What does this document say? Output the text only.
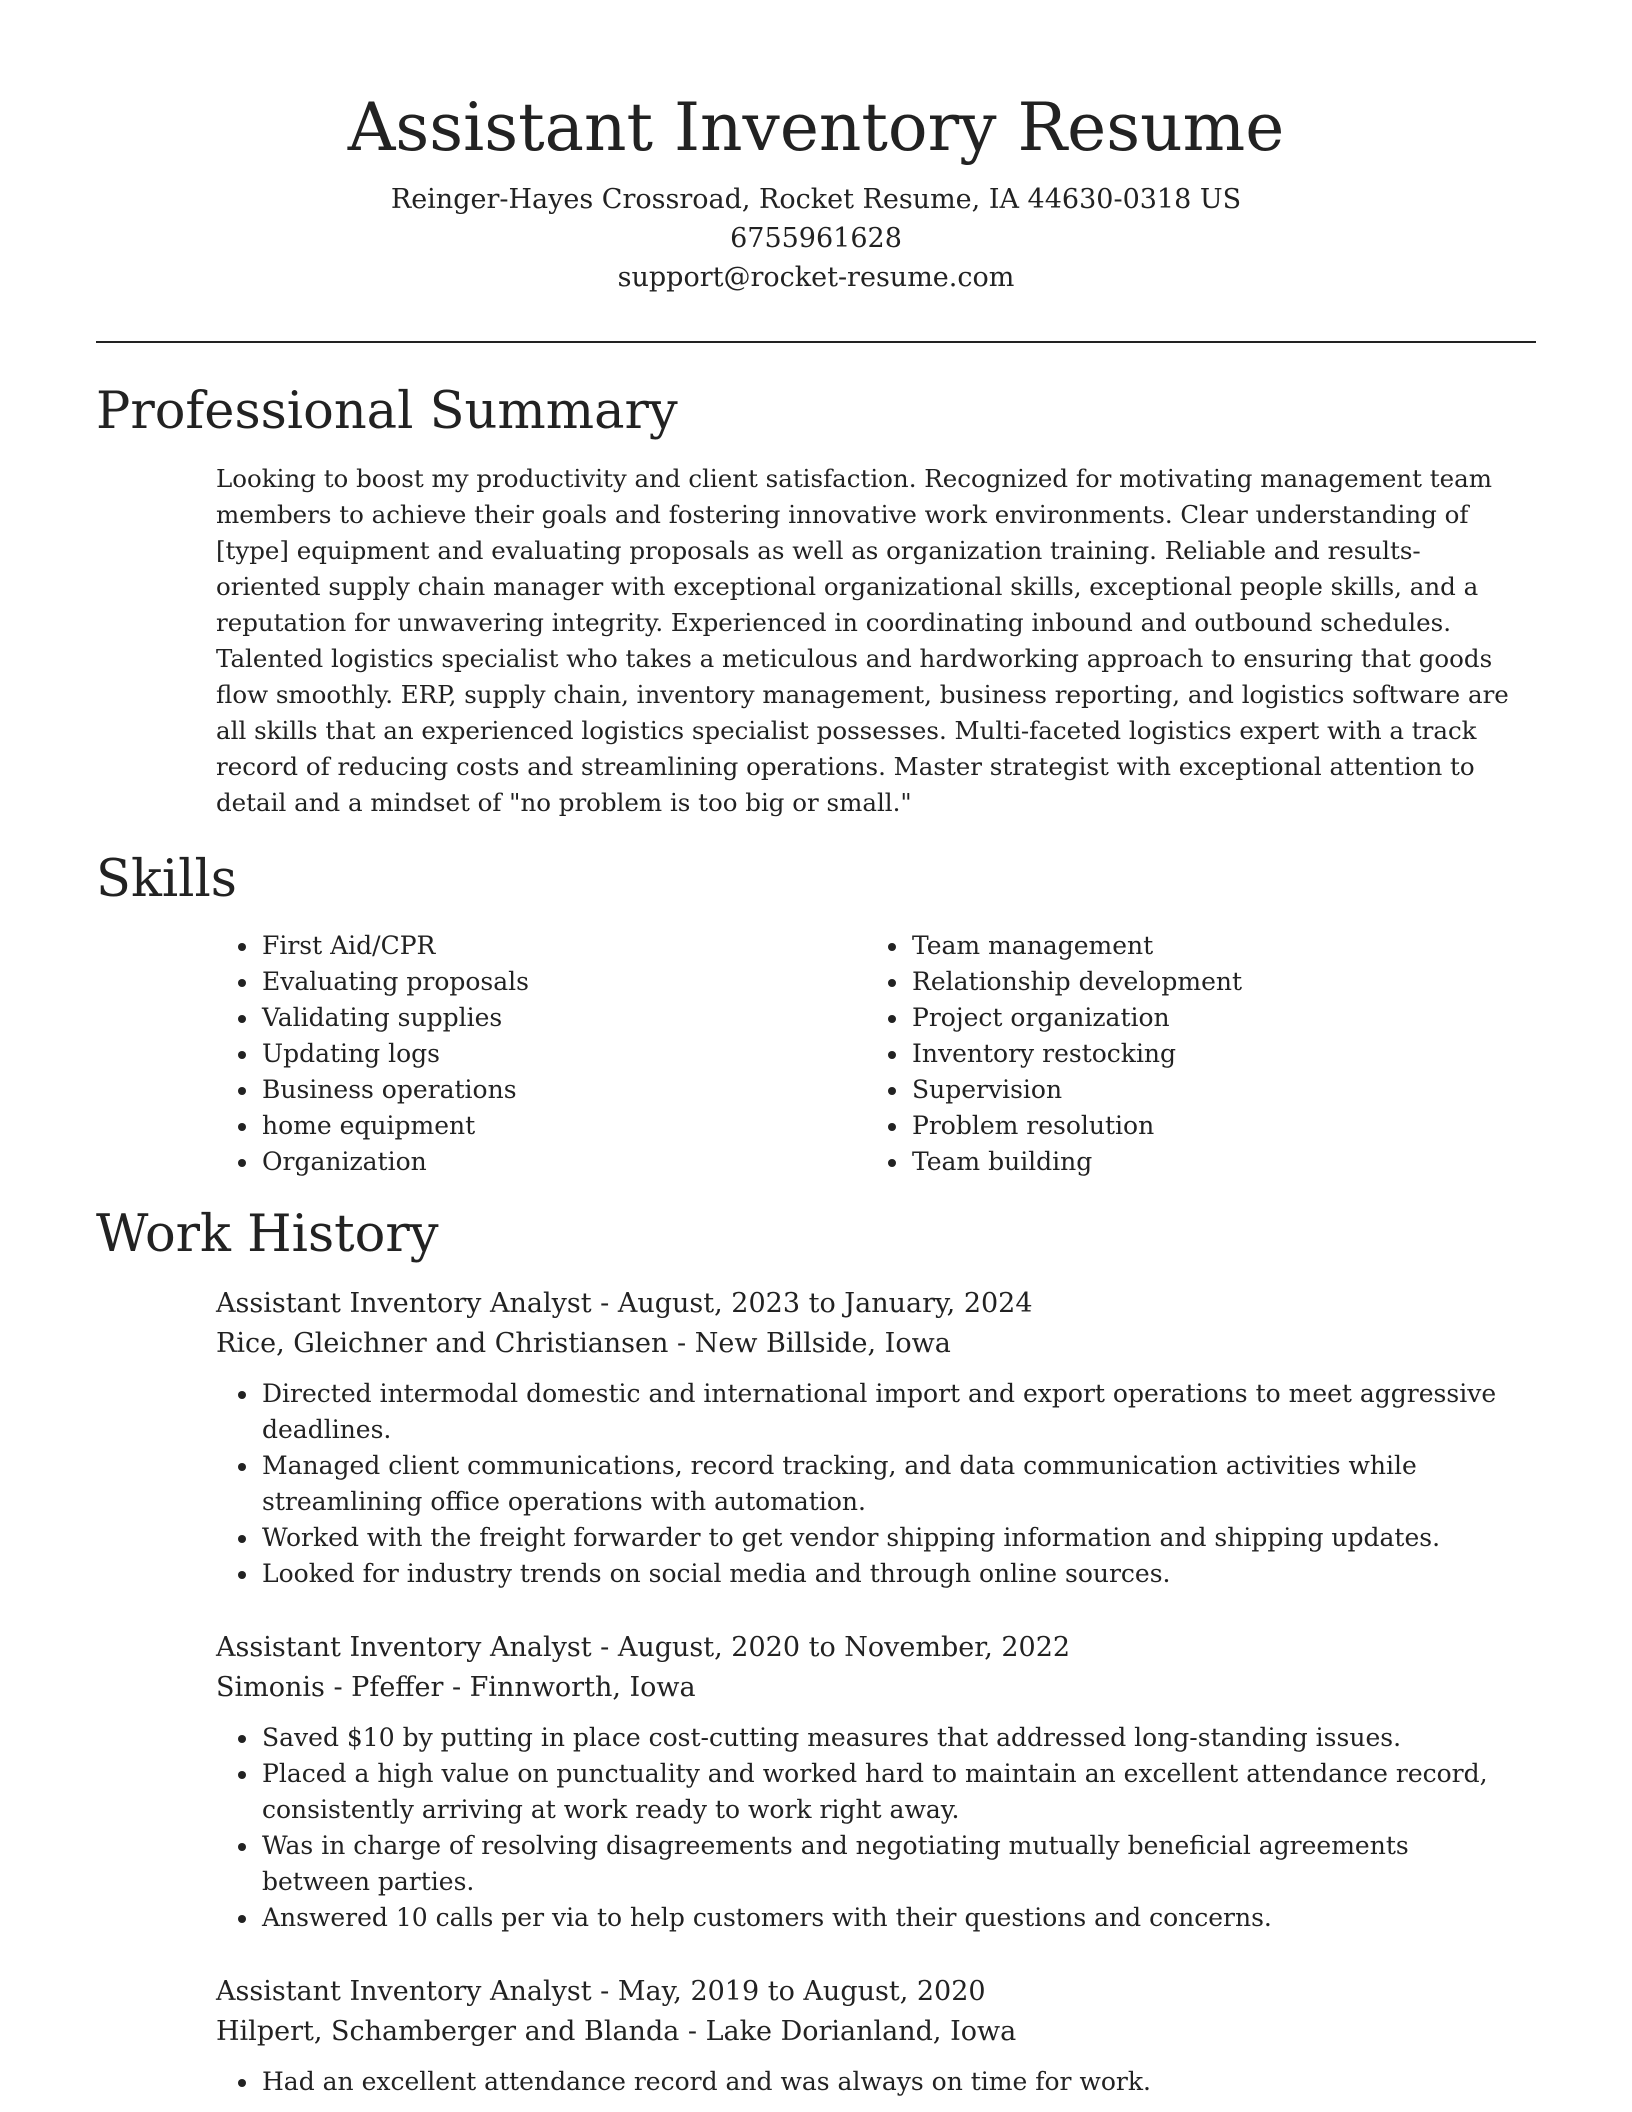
Assistant Inventory Resume

Reinger-Hayes Crossroad, Rocket Resume, IA 44630-0318 US

6755961628

support@rocket-resume.com

Professional Summary

Looking to boost my productivity and client satisfaction. Recognized for motivating management team members to achieve their goals and fostering innovative work environments. Clear understanding of [type] equipment and evaluating proposals as well as organization training. Reliable and results-oriented supply chain manager with exceptional organizational skills, exceptional people skills, and a reputation for unwavering integrity. Experienced in coordinating inbound and outbound schedules. Talented logistics specialist who takes a meticulous and hardworking approach to ensuring that goods flow smoothly. ERP, supply chain, inventory management, business reporting, and logistics software are all skills that an experienced logistics specialist possesses. Multi-faceted logistics expert with a track record of reducing costs and streamlining operations. Master strategist with exceptional attention to detail and a mindset of "no problem is too big or small."

Skills
• First Aid/CPR
• Evaluating proposals
• Validating supplies
• Updating logs
• Business operations
• home equipment
• Organization
• Team management
• Relationship development
• Project organization
• Inventory restocking
• Supervision
• Problem resolution
• Team building
Work History

Assistant Inventory Analyst - August, 2023 to January, 2024

Rice, Gleichner and Christiansen - New Billside, Iowa

• Directed intermodal domestic and international import and export operations to meet aggressive deadlines.
• Managed client communications, record tracking, and data communication activities while streamlining office operations with automation.
• Worked with the freight forwarder to get vendor shipping information and shipping updates.
• Looked for industry trends on social media and through online sources.

Assistant Inventory Analyst - August, 2020 to November, 2022

Simonis - Pfeffer - Finnworth, Iowa

• Saved $10 by putting in place cost-cutting measures that addressed long-standing issues.
• Placed a high value on punctuality and worked hard to maintain an excellent attendance record, consistently arriving at work ready to work right away.
• Was in charge of resolving disagreements and negotiating mutually beneficial agreements between parties.
• Answered 10 calls per via to help customers with their questions and concerns.

Assistant Inventory Analyst - May, 2019 to August, 2020

Hilpert, Schamberger and Blanda - Lake Dorianland, Iowa

• Had an excellent attendance record and was always on time for work.
